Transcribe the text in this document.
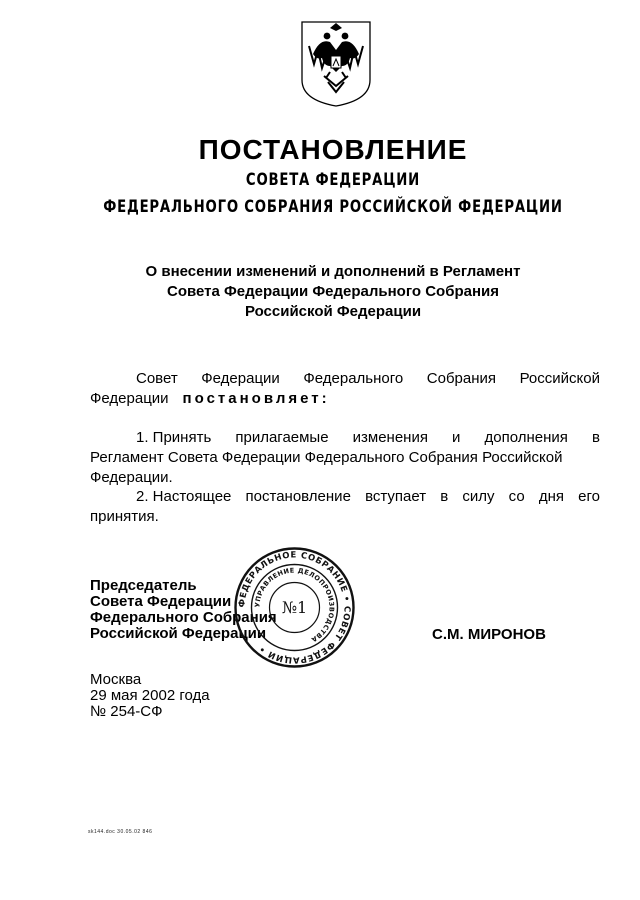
ПОСТАНОВЛЕНИЕ
СОВЕТА ФЕДЕРАЦИИ
ФЕДЕРАЛЬНОГО СОБРАНИЯ РОССИЙСКОЙ ФЕДЕРАЦИИ
О внесении изменений и дополнений в Регламент
Совета Федерации Федерального Собрания
Российской Федерации
Совет Федерации Федерального Собрания Российской
Федерации постановляет:
1. Принять прилагаемые изменения и дополнения в
Регламент Совета Федерации Федерального Собрания Российской
Федерации.
2. Настоящее постановление вступает в силу со дня его
принятия.
Председатель
Совета Федерации
Федерального Собрания
Российской Федерации
ФЕДЕРАЛЬНОЕ СОБРАНИЕ • СОВЕТ ФЕДЕРАЦИИ •
УПРАВЛЕНИЕ ДЕЛОПРОИЗВОДСТВА
№1
С.М. МИРОНОВ
Москва
29 мая 2002 года
№ 254-СФ
sk144.doc 30.05.02 846
